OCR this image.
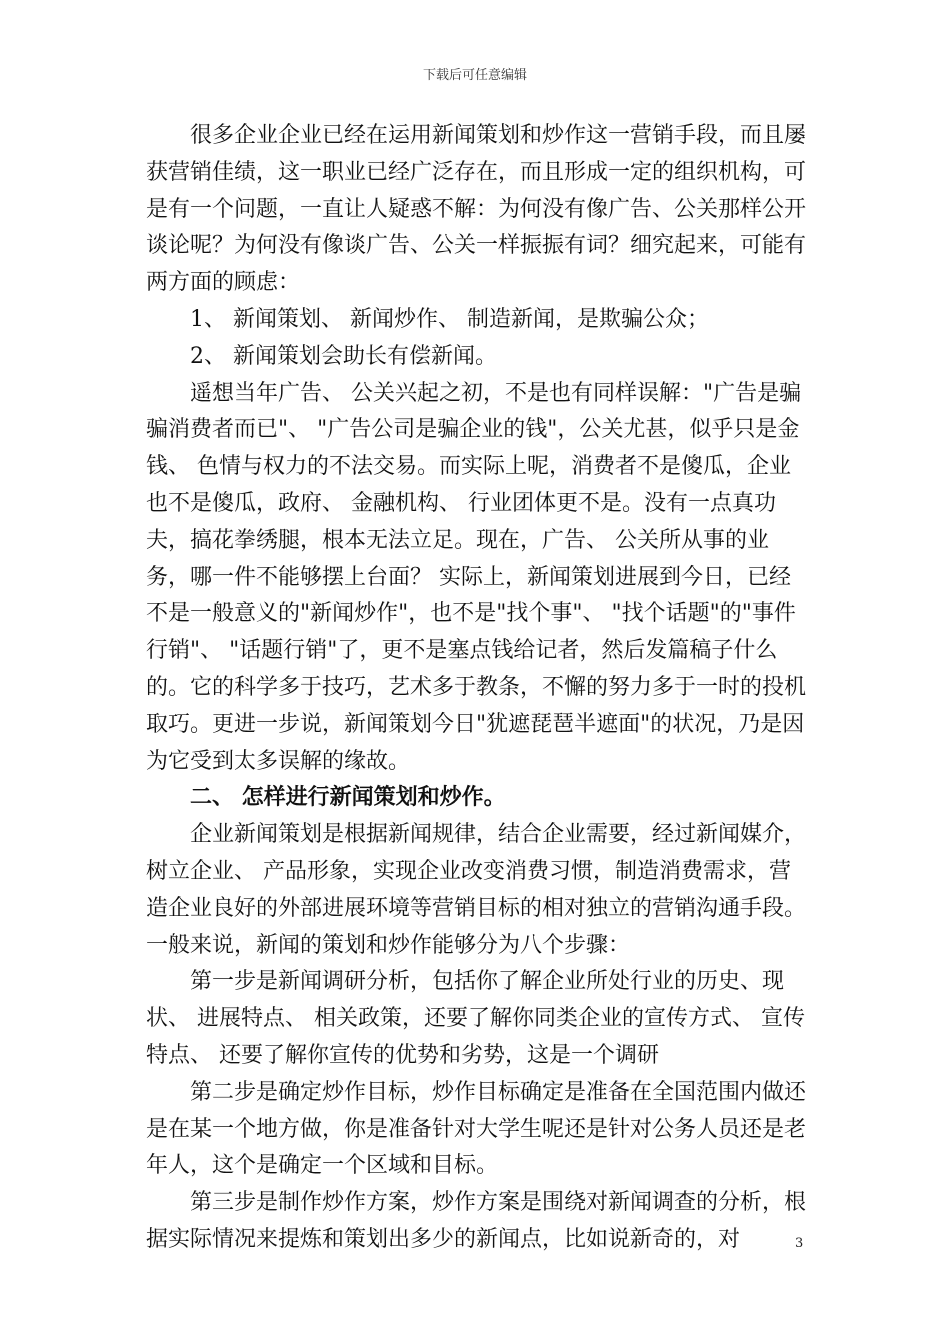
下载后可任意编辑

很多企业企业已经在运用新闻策划和炒作这一营销手段，而且屡获营销佳绩，这一职业已经广泛存在，而且形成一定的组织机构，可是有一个问题，一直让人疑惑不解：为何没有像广告、公关那样公开谈论呢？为何没有像谈广告、公关一样振振有词？细究起来，可能有两方面的顾虑：

1、 新闻策划、 新闻炒作、 制造新闻，是欺骗公众；

2、 新闻策划会助长有偿新闻。

遥想当年广告、 公关兴起之初，不是也有同样误解："广告是骗骗消费者而已"、 "广告公司是骗企业的钱"，公关尤甚，似乎只是金钱、 色情与权力的不法交易。而实际上呢，消费者不是傻瓜，企业也不是傻瓜，政府、 金融机构、 行业团体更不是。没有一点真功夫，搞花拳绣腿，根本无法立足。现在，广告、 公关所从事的业务，哪一件不能够摆上台面？ 实际上，新闻策划进展到今日，已经不是一般意义的"新闻炒作"，也不是"找个事"、 "找个话题"的"事件行销"、 "话题行销"了，更不是塞点钱给记者，然后发篇稿子什么的。它的科学多于技巧，艺术多于教条，不懈的努力多于一时的投机取巧。更进一步说，新闻策划今日"犹遮琵琶半遮面"的状况，乃是因为它受到太多误解的缘故。

二、 怎样进行新闻策划和炒作。

企业新闻策划是根据新闻规律，结合企业需要，经过新闻媒介，树立企业、 产品形象，实现企业改变消费习惯，制造消费需求，营造企业良好的外部进展环境等营销目标的相对独立的营销沟通手段。一般来说，新闻的策划和炒作能够分为八个步骤：

第一步是新闻调研分析，包括你了解企业所处行业的历史、现状、 进展特点、 相关政策，还要了解你同类企业的宣传方式、 宣传特点、 还要了解你宣传的优势和劣势，这是一个调研

第二步是确定炒作目标，炒作目标确定是准备在全国范围内做还是在某一个地方做，你是准备针对大学生呢还是针对公务人员还是老年人，这个是确定一个区域和目标。

第三步是制作炒作方案，炒作方案是围绕对新闻调查的分析，根据实际情况来提炼和策划出多少的新闻点，比如说新奇的，对	3
